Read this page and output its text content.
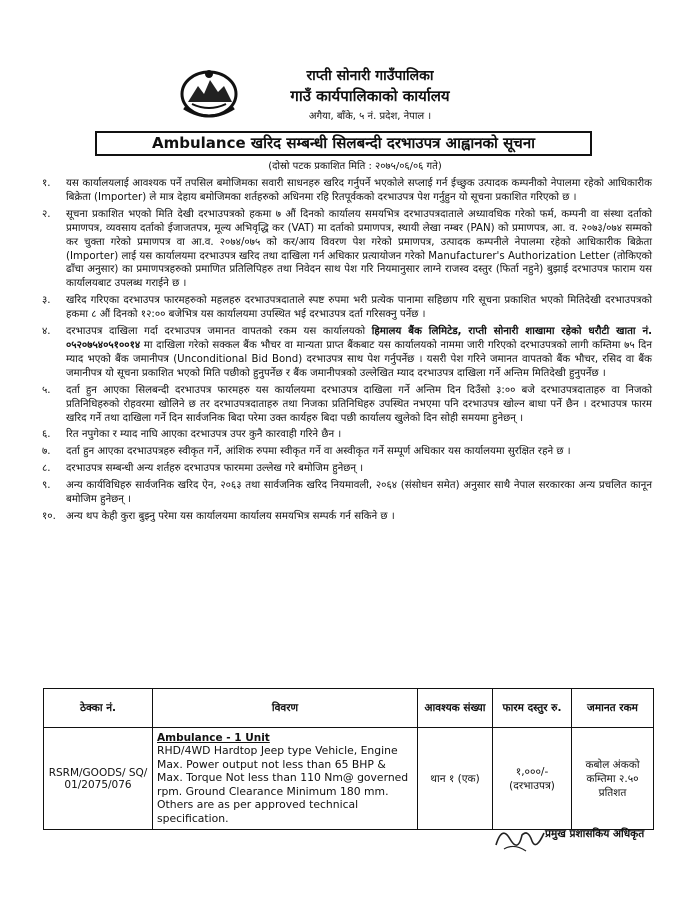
राप्ती सोनारी गाउँपालिका
गाउँ कार्यपालिकाको कार्यालय
अगैया, बाँके, ५ नं. प्रदेश, नेपाल ।
Ambulance खरिद सम्बन्धी सिलबन्दी दरभाउपत्र आह्वानको सूचना
(दोस्रो पटक प्रकाशित मिति : २०७५/०६/०६ गते)
१.	यस कार्यालयलाई आवश्यक पर्ने तपसिल बमोजिमका सवारी साधनहरु खरिद गर्नुपर्ने भएकोले सप्लाई गर्न ईच्छुक उत्पादक कम्पनीको नेपालमा रहेको आधिकारीक बिक्रेता (Importer) ले मात्र देहाय बमोजिमका शर्तहरुको अधिनमा रहि रितपूर्वकको दरभाउपत्र पेश गर्नुहुन यो सूचना प्रकाशित गरिएको छ ।
२.	सूचना प्रकाशित भएको मिति देखी दरभाउपत्रको हकमा ७ औं दिनको कार्यालय समयभित्र दरभाउपत्रदाताले अध्यावधिक गरेको फर्म, कम्पनी वा संस्था दर्ताको प्रमाणपत्र, व्यवसाय दर्ताको ईजाजतपत्र, मूल्य अभिवृद्धि कर (VAT) मा दर्ताको प्रमाणपत्र, स्थायी लेखा नम्बर (PAN) को प्रमाणपत्र, आ. व. २०७३/०७४ सम्मको कर चुक्ता गरेको प्रमाणपत्र वा आ.व. २०७४/०७५ को कर/आय विवरण पेश गरेको प्रमाणपत्र, उत्पादक कम्पनीले नेपालमा रहेको आधिकारीक बिक्रेता (Importer) लाई यस कार्यालयमा दरभाउपत्र खरिद तथा दाखिला गर्न अधिकार प्रत्यायोजन गरेको Manufacturer's Authorization Letter (तोकिएको ढाँचा अनुसार) का प्रमाणपत्रहरुको प्रमाणित प्रतिलिपिहरु तथा निवेदन साथ पेश गरि नियमानुसार लाग्ने राजस्व दस्तुर (फिर्ता नहुने) बुझाई दरभाउपत्र फाराम यस कार्यालयबाट उपलब्ध गराईने छ ।
३.	खरिद गरिएका दरभाउपत्र फारमहरुको महलहरु दरभाउपत्रदाताले स्पष्ट रुपमा भरी प्रत्येक पानामा सहिछाप गरि सूचना प्रकाशित भएको मितिदेखी दरभाउपत्रको हकमा ८ औं दिनको १२:०० बजेभित्र यस कार्यालयमा उपस्थित भई दरभाउपत्र दर्ता गरिसक्नु पर्नेछ ।
४.	दरभाउपत्र दाखिला गर्दा दरभाउपत्र जमानत वापतको रकम यस कार्यालयको हिमालय बैंक लिमिटेड, राप्ती सोनारी शाखामा रहेको धरौटी खाता नं. ०५२०७५४०५१००१४ मा दाखिला गरेको सक्कल बैंक भौचर वा मान्यता प्राप्त बैंकबाट यस कार्यालयको नाममा जारी गरिएको दरभाउपत्रको लागी कम्तिमा ७५ दिन म्याद भएको बैंक जमानीपत्र (Unconditional Bid Bond) दरभाउपत्र साथ पेश गर्नुपर्नेछ । यसरी पेश गरिने जमानत वापतको बैंक भौचर, रसिद वा बैंक जमानीपत्र यो सूचना प्रकाशित भएको मिति पछीको हुनुपर्नेछ र बैंक जमानीपत्रको उल्लेखित म्याद दरभाउपत्र दाखिला गर्ने अन्तिम मितिदेखी हुनुपर्नेछ ।
५.	दर्ता हुन आएका सिलबन्दी दरभाउपत्र फारमहरु यस कार्यालयमा दरभाउपत्र दाखिला गर्ने अन्तिम दिन दिउँसो ३:०० बजे दरभाउपत्रदाताहरु वा निजको प्रतिनिधिहरुको रोहवरमा खोलिने छ तर दरभाउपत्रदाताहरु तथा निजका प्रतिनिधिहरु उपस्थित नभएमा पनि दरभाउपत्र खोल्न बाधा पर्ने छैन । दरभाउपत्र फारम खरिद गर्ने तथा दाखिला गर्ने दिन सार्वजनिक बिदा परेमा उक्त कार्यहरु बिदा पछी कार्यालय खुलेको दिन सोही समयमा हुनेछन् ।
६.	रित नपुगेका र म्याद नाघि आएका दरभाउपत्र उपर कुनै कारवाही गरिने छैन ।
७.	दर्ता हुन आएका दरभाउपत्रहरु स्वीकृत गर्ने, आंशिक रुपमा स्वीकृत गर्ने वा अस्वीकृत गर्ने सम्पूर्ण अधिकार यस कार्यालयमा सुरक्षित रहने छ ।
८.	दरभाउपत्र सम्बन्धी अन्य शर्तहरु दरभाउपत्र फारममा उल्लेख गरे बमोजिम हुनेछन् ।
९.	अन्य कार्यविधिहरु सार्वजनिक खरिद ऐन, २०६३ तथा सार्वजनिक खरिद नियमावली, २०६४ (संसोधन समेत) अनुसार साथै नेपाल सरकारका अन्य प्रचलित कानून बमोजिम हुनेछन् ।
१०. अन्य थप केही कुरा बुझ्नु परेमा यस कार्यालयमा कार्यालय समयभित्र सम्पर्क गर्न सकिने छ ।
ठेक्का नं.	विवरण	आवश्यक संख्या	फारम दस्तुर रु.	जमानत रकम
RSRM/GOODS/ SQ/ 01/2075/076	Ambulance - 1 Unit
RHD/4WD Hardtop Jeep type Vehicle, Engine Max. Power output not less than 65 BHP & Max. Torque Not less than 110 Nm@ governed rpm. Ground Clearance Minimum 180 mm. Others are as per approved technical specification.	थान १ (एक)	१,०००/- (दरभाउपत्र)	कबोल अंकको कम्तिमा २.५० प्रतिशत
प्रमुख प्रशासकिय अधिकृत
